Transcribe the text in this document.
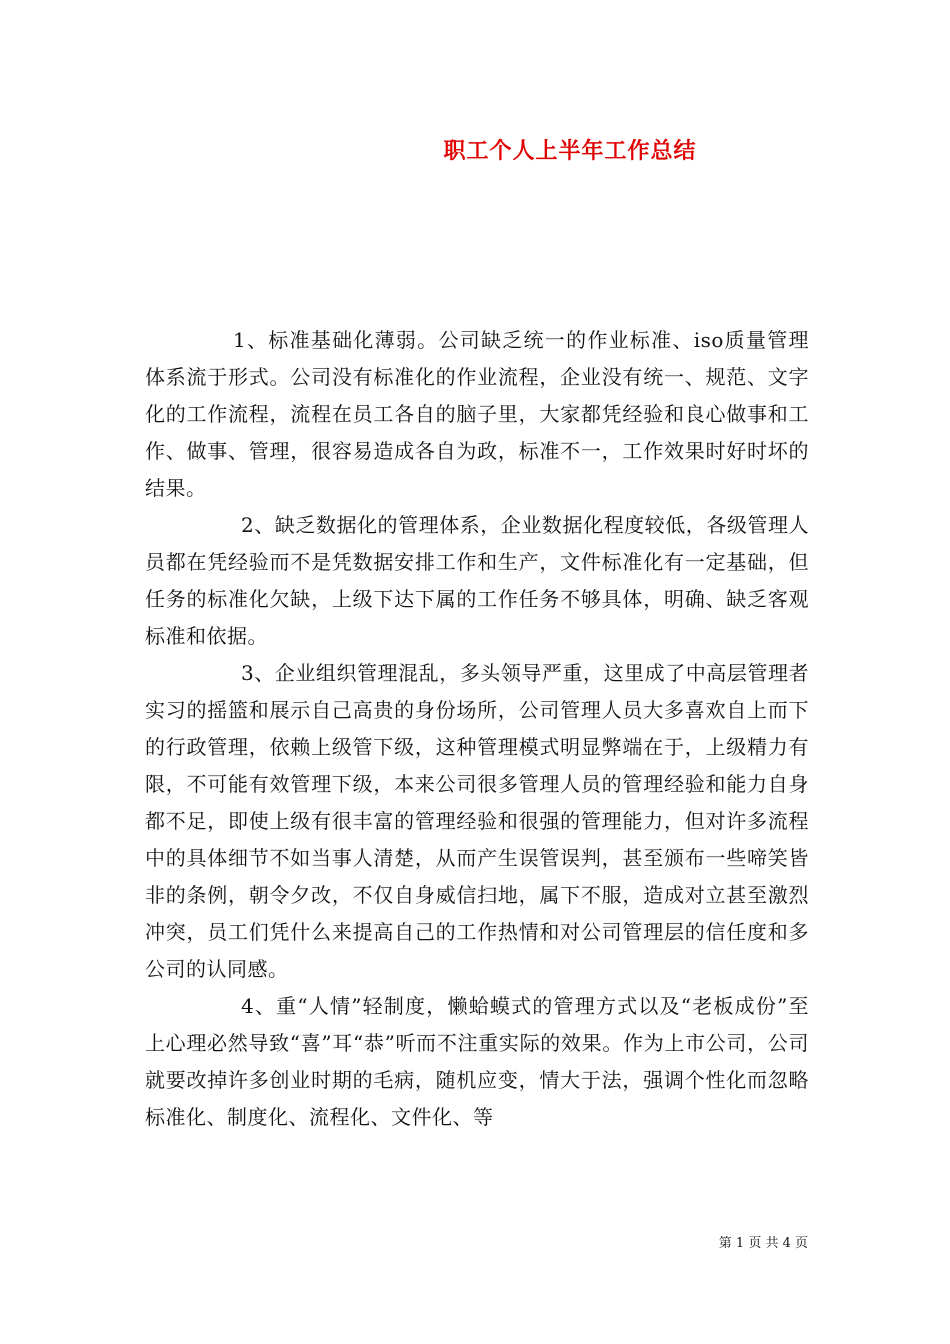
职工个人上半年工作总结

1、标准基础化薄弱。公司缺乏统一的作业标准、iso质量管理体系流于形式。公司没有标准化的作业流程，企业没有统一、规范、文字化的工作流程，流程在员工各自的脑子里，大家都凭经验和良心做事和工作、做事、管理，很容易造成各自为政，标准不一，工作效果时好时坏的结果。

2、缺乏数据化的管理体系，企业数据化程度较低，各级管理人员都在凭经验而不是凭数据安排工作和生产，文件标准化有一定基础，但任务的标准化欠缺，上级下达下属的工作任务不够具体，明确、缺乏客观标准和依据。

3、企业组织管理混乱，多头领导严重，这里成了中高层管理者实习的摇篮和展示自己高贵的身份场所，公司管理人员大多喜欢自上而下的行政管理，依赖上级管下级，这种管理模式明显弊端在于，上级精力有限，不可能有效管理下级，本来公司很多管理人员的管理经验和能力自身都不足，即使上级有很丰富的管理经验和很强的管理能力，但对许多流程中的具体细节不如当事人清楚，从而产生误管误判，甚至颁布一些啼笑皆非的条例，朝令夕改，不仅自身威信扫地，属下不服，造成对立甚至激烈冲突，员工们凭什么来提高自己的工作热情和对公司管理层的信任度和多公司的认同感。

4、重“人情”轻制度，懒蛤蟆式的管理方式以及“老板成份”至上心理必然导致“喜”耳“恭”听而不注重实际的效果。作为上市公司，公司就要改掉许多创业时期的毛病，随机应变，情大于法，强调个性化而忽略标准化、制度化、流程化、文件化、等

第 1 页 共 4 页
